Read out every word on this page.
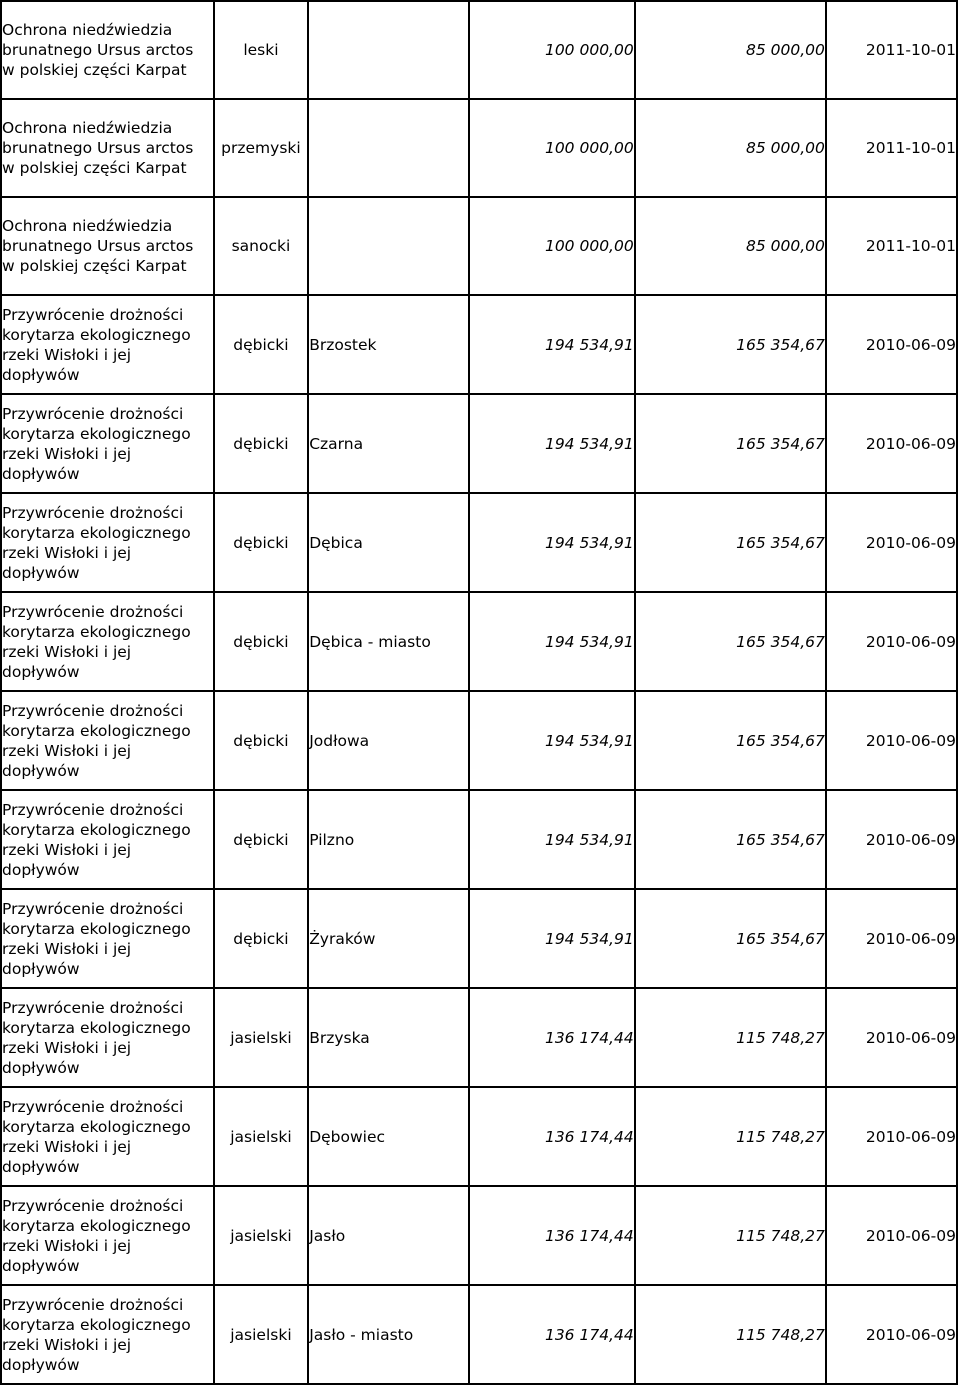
Ochrona niedźwiedzia
brunatnego Ursus arctos
w polskiej części Karpat	leski		100 000,00	85 000,00	2011-10-01
Ochrona niedźwiedzia
brunatnego Ursus arctos
w polskiej części Karpat	przemyski		100 000,00	85 000,00	2011-10-01
Ochrona niedźwiedzia
brunatnego Ursus arctos
w polskiej części Karpat	sanocki		100 000,00	85 000,00	2011-10-01
Przywrócenie drożności
korytarza ekologicznego
rzeki Wisłoki i jej
dopływów	dębicki	Brzostek	194 534,91	165 354,67	2010-06-09
Przywrócenie drożności
korytarza ekologicznego
rzeki Wisłoki i jej
dopływów	dębicki	Czarna	194 534,91	165 354,67	2010-06-09
Przywrócenie drożności
korytarza ekologicznego
rzeki Wisłoki i jej
dopływów	dębicki	Dębica	194 534,91	165 354,67	2010-06-09
Przywrócenie drożności
korytarza ekologicznego
rzeki Wisłoki i jej
dopływów	dębicki	Dębica - miasto	194 534,91	165 354,67	2010-06-09
Przywrócenie drożności
korytarza ekologicznego
rzeki Wisłoki i jej
dopływów	dębicki	Jodłowa	194 534,91	165 354,67	2010-06-09
Przywrócenie drożności
korytarza ekologicznego
rzeki Wisłoki i jej
dopływów	dębicki	Pilzno	194 534,91	165 354,67	2010-06-09
Przywrócenie drożności
korytarza ekologicznego
rzeki Wisłoki i jej
dopływów	dębicki	Żyraków	194 534,91	165 354,67	2010-06-09
Przywrócenie drożności
korytarza ekologicznego
rzeki Wisłoki i jej
dopływów	jasielski	Brzyska	136 174,44	115 748,27	2010-06-09
Przywrócenie drożności
korytarza ekologicznego
rzeki Wisłoki i jej
dopływów	jasielski	Dębowiec	136 174,44	115 748,27	2010-06-09
Przywrócenie drożności
korytarza ekologicznego
rzeki Wisłoki i jej
dopływów	jasielski	Jasło	136 174,44	115 748,27	2010-06-09
Przywrócenie drożności
korytarza ekologicznego
rzeki Wisłoki i jej
dopływów	jasielski	Jasło - miasto	136 174,44	115 748,27	2010-06-09
